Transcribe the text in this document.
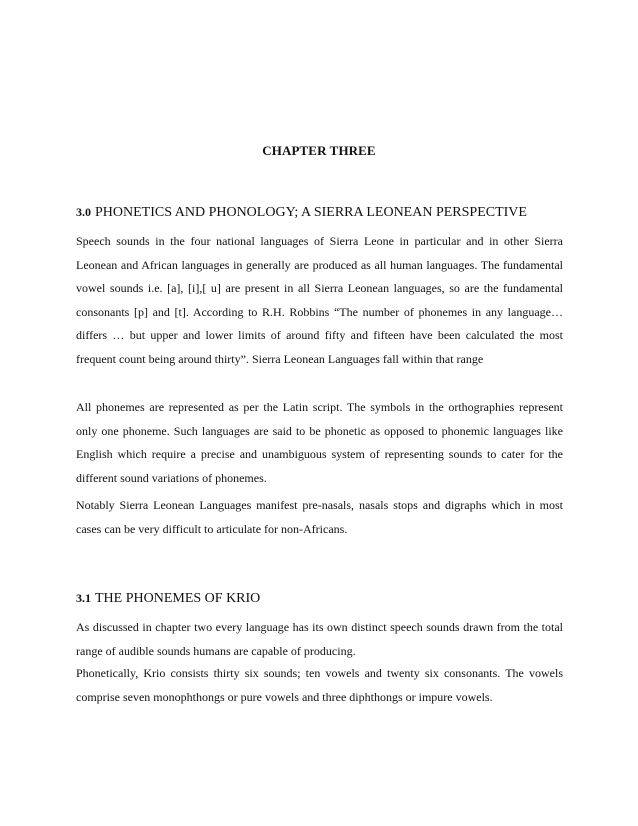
CHAPTER THREE
3.0 PHONETICS AND PHONOLOGY; A SIERRA LEONEAN PERSPECTIVE

Speech sounds in the four national languages of Sierra Leone in particular and in other Sierra Leonean and African languages in generally are produced as all human languages. The fundamental vowel sounds i.e. [a], [i],[ u] are present in all Sierra Leonean languages, so are the fundamental consonants [p] and [t]. According to R.H. Robbins “The number of phonemes in any language… differs … but upper and lower limits of around fifty and fifteen have been calculated the most frequent count being around thirty”. Sierra Leonean Languages fall within that range

All phonemes are represented as per the Latin script. The symbols in the orthographies represent only one phoneme. Such languages are said to be phonetic as opposed to phonemic languages like English which require a precise and unambiguous system of representing sounds to cater for the different sound variations of phonemes.

Notably Sierra Leonean Languages manifest pre-nasals, nasals stops and digraphs which in most cases can be very difficult to articulate for non-Africans.

3.1 THE PHONEMES OF KRIO

As discussed in chapter two every language has its own distinct speech sounds drawn from the total range of audible sounds humans are capable of producing.

Phonetically, Krio consists thirty six sounds; ten vowels and twenty six consonants. The vowels comprise seven monophthongs or pure vowels and three diphthongs or impure vowels.
